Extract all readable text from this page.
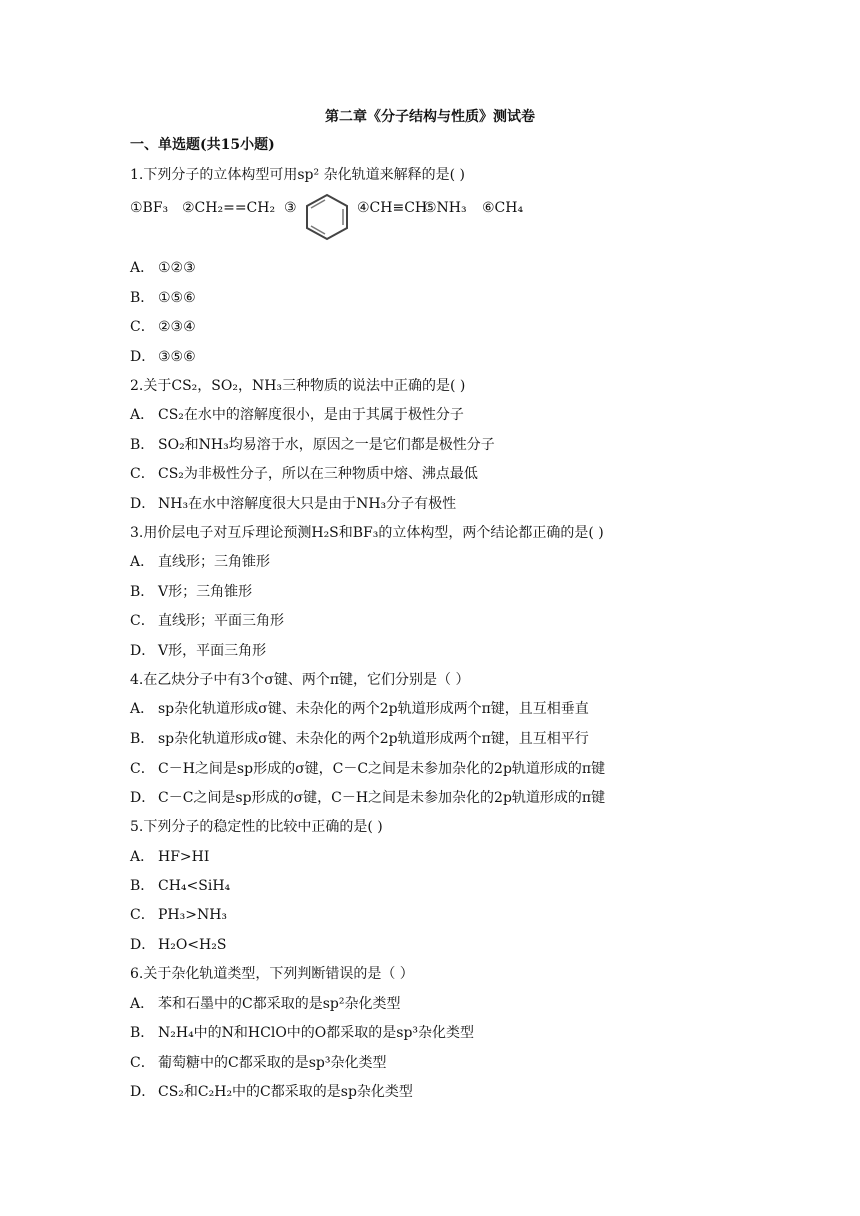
第二章《分子结构与性质》测试卷
一、单选题(共15小题)
1.下列分子的立体构型可用sp² 杂化轨道来解释的是( )
①BF₃ ②CH₂==CH₂ ③	④CH≡CH
⑤NH₃ ⑥CH₄
A． ①②③
B． ①⑤⑥
C． ②③④
D． ③⑤⑥
2.关于CS₂，SO₂，NH₃三种物质的说法中正确的是( )
A． CS₂在水中的溶解度很小，是由于其属于极性分子
B． SO₂和NH₃均易溶于水，原因之一是它们都是极性分子
C． CS₂为非极性分子，所以在三种物质中熔、沸点最低
D． NH₃在水中溶解度很大只是由于NH₃分子有极性
3.用价层电子对互斥理论预测H₂S和BF₃的立体构型，两个结论都正确的是( )
A． 直线形；三角锥形
B． V形；三角锥形
C． 直线形；平面三角形
D． V形，平面三角形
4.在乙炔分子中有3个σ键、两个π键，它们分别是（ ）
A． sp杂化轨道形成σ键、未杂化的两个2p轨道形成两个π键，且互相垂直
B． sp杂化轨道形成σ键、未杂化的两个2p轨道形成两个π键，且互相平行
C． C－H之间是sp形成的σ键，C－C之间是未参加杂化的2p轨道形成的π键
D． C－C之间是sp形成的σ键，C－H之间是未参加杂化的2p轨道形成的π键
5.下列分子的稳定性的比较中正确的是( )
A． HF>HI
B． CH₄<SiH₄
C． PH₃>NH₃
D． H₂O<H₂S
6.关于杂化轨道类型，下列判断错误的是（ ）
A． 苯和石墨中的C都采取的是sp²杂化类型
B． N₂H₄中的N和HClO中的O都采取的是sp³杂化类型
C． 葡萄糖中的C都采取的是sp³杂化类型
D． CS₂和C₂H₂中的C都采取的是sp杂化类型
